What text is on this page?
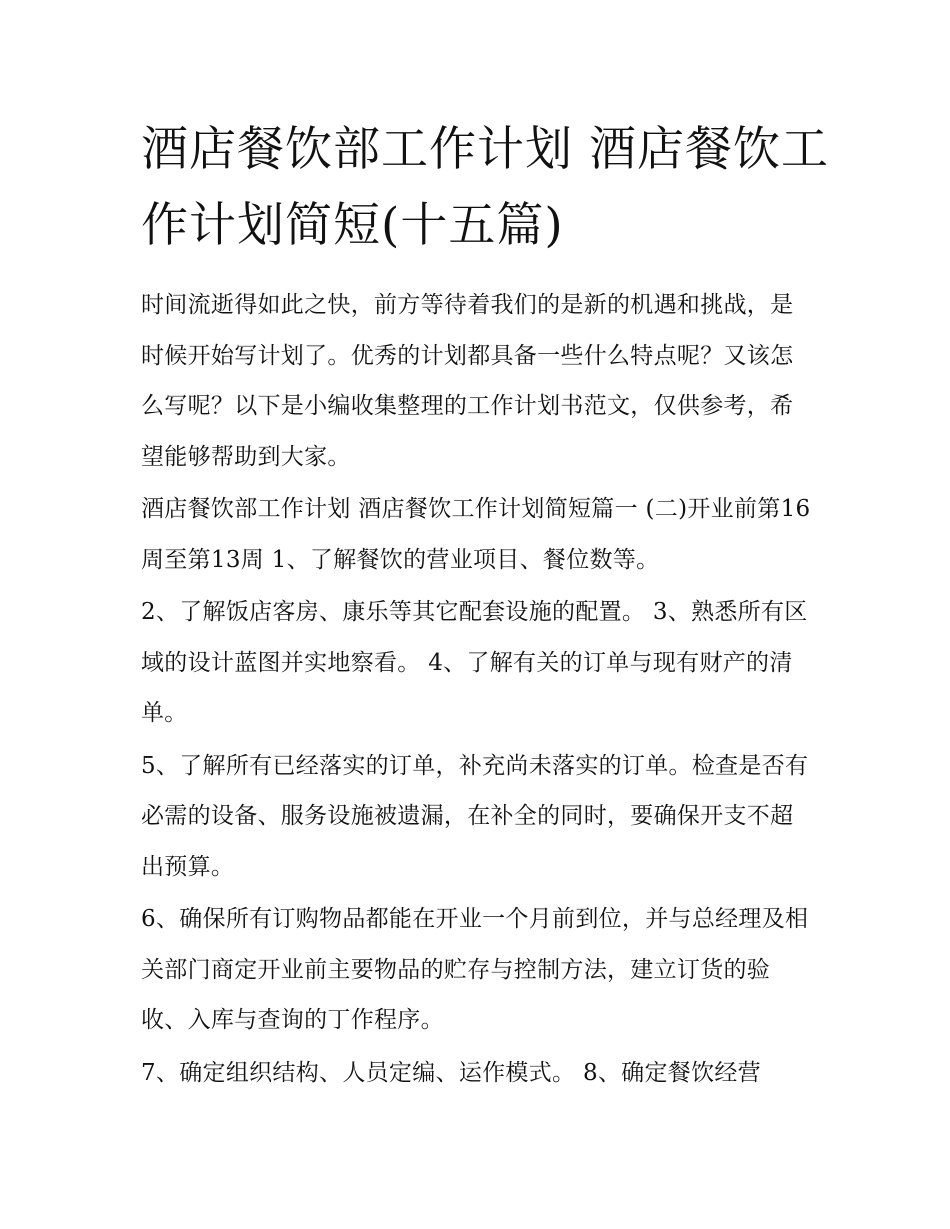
酒店餐饮部工作计划 酒店餐饮工作计划简短(十五篇)

时间流逝得如此之快，前方等待着我们的是新的机遇和挑战，是时候开始写计划了。优秀的计划都具备一些什么特点呢？又该怎么写呢？以下是小编收集整理的工作计划书范文，仅供参考，希望能够帮助到大家。

酒店餐饮部工作计划 酒店餐饮工作计划简短篇一 (二)开业前第16周至第13周 1、了解餐饮的营业项目、餐位数等。

2、了解饭店客房、康乐等其它配套设施的配置。 3、熟悉所有区域的设计蓝图并实地察看。 4、了解有关的订单与现有财产的清单。

5、了解所有已经落实的订单，补充尚未落实的订单。检查是否有必需的设备、服务设施被遗漏，在补全的同时，要确保开支不超出预算。

6、确保所有订购物品都能在开业一个月前到位，并与总经理及相关部门商定开业前主要物品的贮存与控制方法，建立订货的验收、入库与查询的丁作程序。

7、确定组织结构、人员定编、运作模式。 8、确定餐饮经营
